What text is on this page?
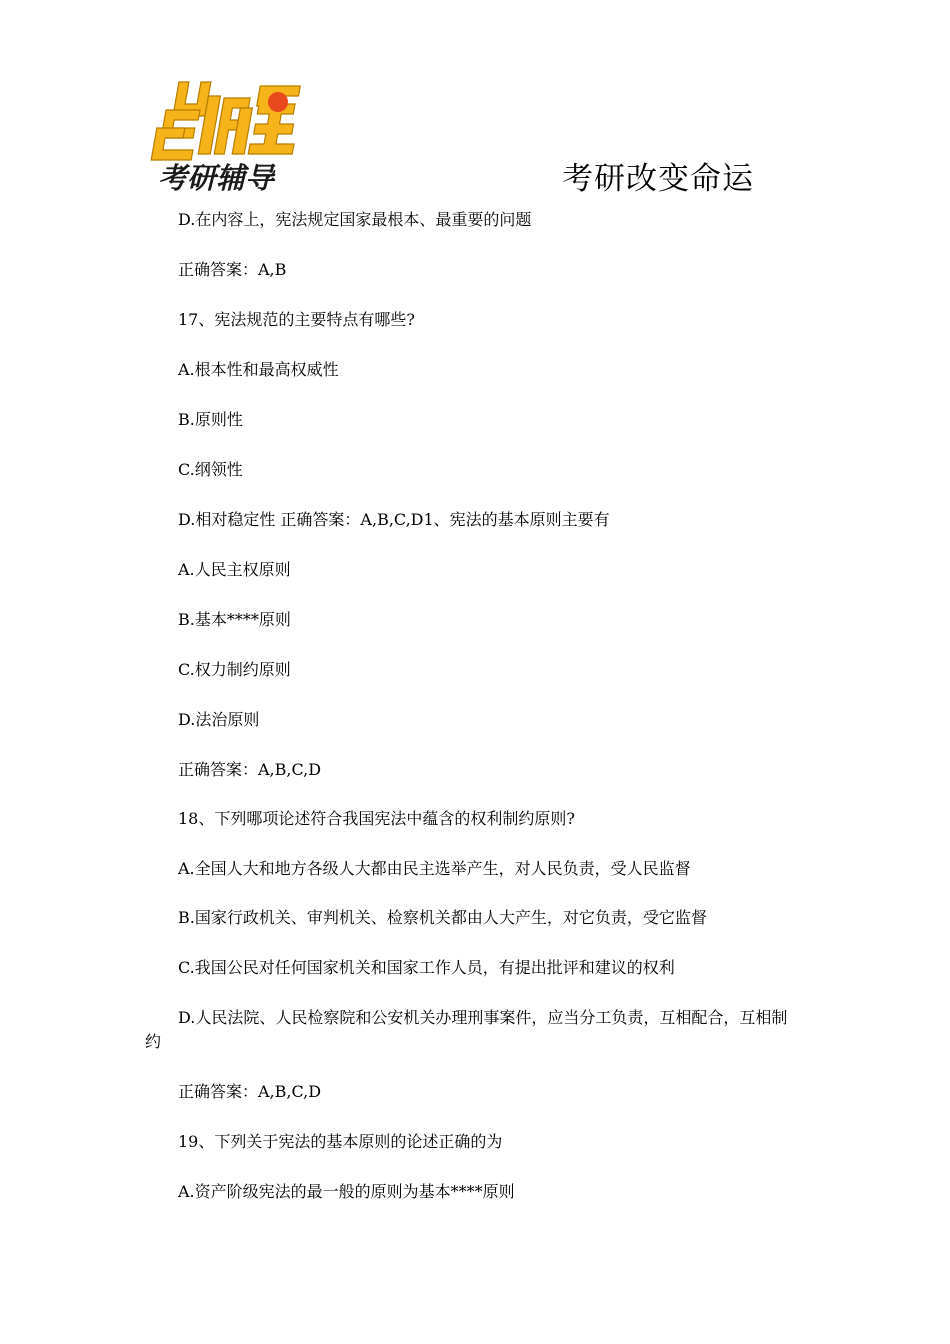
考研辅导	考研改变命运
D.在内容上，宪法规定国家最根本、最重要的问题
正确答案：A,B
17、宪法规范的主要特点有哪些?
A.根本性和最高权威性
B.原则性
C.纲领性
D.相对稳定性 正确答案：A,B,C,D1、宪法的基本原则主要有
A.人民主权原则
B.基本****原则
C.权力制约原则
D.法治原则
正确答案：A,B,C,D
18、下列哪项论述符合我国宪法中蕴含的权利制约原则?
A.全国人大和地方各级人大都由民主选举产生，对人民负责，受人民监督
B.国家行政机关、审判机关、检察机关都由人大产生，对它负责，受它监督
C.我国公民对任何国家机关和国家工作人员，有提出批评和建议的权利
D.人民法院、人民检察院和公安机关办理刑事案件，应当分工负责，互相配合，互相制
约
正确答案：A,B,C,D
19、下列关于宪法的基本原则的论述正确的为
A.资产阶级宪法的最一般的原则为基本****原则
